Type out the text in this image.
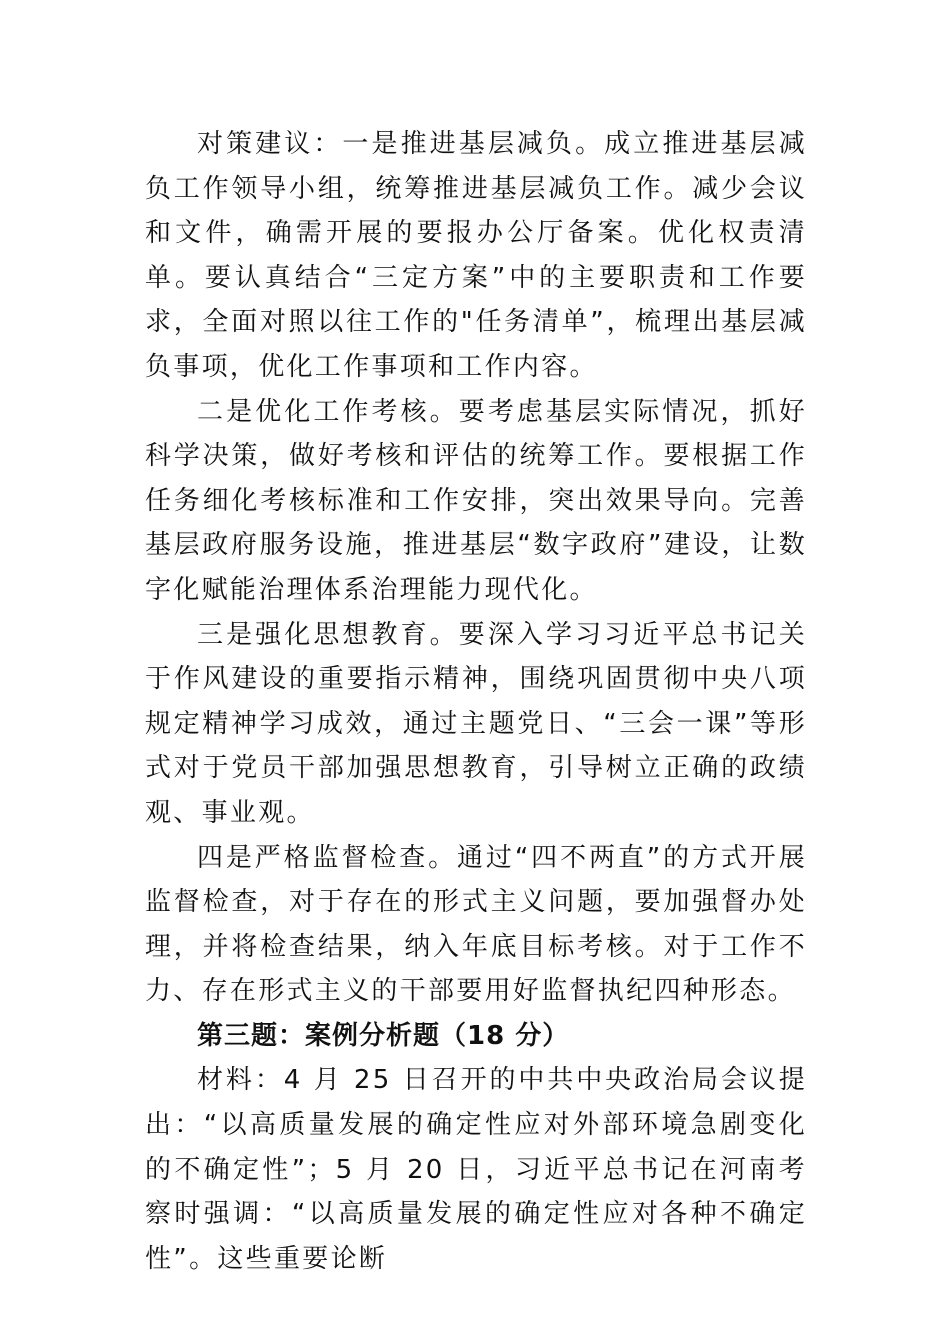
对策建议：一是推进基层减负。成立推进基层减负工作领导小组，统筹推进基层减负工作。减少会议和文件，确需开展的要报办公厅备案。优化权责清单。要认真结合“三定方案”中的主要职责和工作要求，全面对照以往工作的"任务清单”，梳理出基层减负事项，优化工作事项和工作内容。

二是优化工作考核。要考虑基层实际情况，抓好科学决策，做好考核和评估的统筹工作。要根据工作任务细化考核标准和工作安排，突出效果导向。完善基层政府服务设施，推进基层“数字政府”建设，让数字化赋能治理体系治理能力现代化。

三是强化思想教育。要深入学习习近平总书记关于作风建设的重要指示精神，围绕巩固贯彻中央八项规定精神学习成效，通过主题党日、“三会一课”等形式对于党员干部加强思想教育，引导树立正确的政绩观、事业观。

四是严格监督检查。通过“四不两直”的方式开展监督检查，对于存在的形式主义问题，要加强督办处理，并将检查结果，纳入年底目标考核。对于工作不力、存在形式主义的干部要用好监督执纪四种形态。

第三题：案例分析题（18 分）

材料：4 月 25 日召开的中共中央政治局会议提出：“以高质量发展的确定性应对外部环境急剧变化的不确定性”；5 月 20 日，习近平总书记在河南考察时强调：“以高质量发展的确定性应对各种不确定性”。这些重要论断
